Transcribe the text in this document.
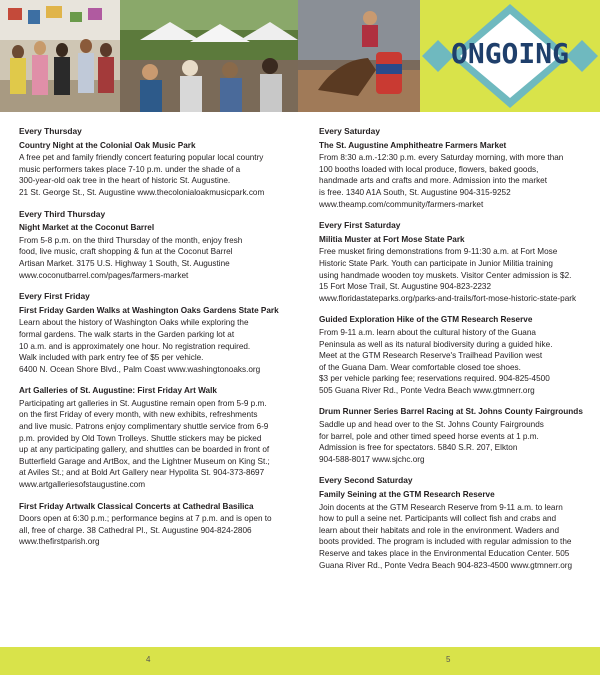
ONGOING
Every Thursday
Country Night at the Colonial Oak Music Park
A free pet and family friendly concert featuring popular local country
music performers takes place 7-10 p.m. under the shade of a
300-year-old oak tree in the heart of historic St. Augustine.
21 St. George St., St. Augustine www.thecolonialoakmusicpark.com
Every Third Thursday
Night Market at the Coconut Barrel
From 5-8 p.m. on the third Thursday of the month, enjoy fresh
food, live music, craft shopping & fun at the Coconut Barrel
Artisan Market. 3175 U.S. Highway 1 South, St. Augustine
www.coconutbarrel.com/pages/farmers-market
Every First Friday
First Friday Garden Walks at Washington Oaks Gardens State Park
Learn about the history of Washington Oaks while exploring the
formal gardens. The walk starts in the Garden parking lot at
10 a.m. and is approximately one hour. No registration required.
Walk included with park entry fee of $5 per vehicle.
6400 N. Ocean Shore Blvd., Palm Coast www.washingtonoaks.org
Art Galleries of St. Augustine: First Friday Art Walk
Participating art galleries in St. Augustine remain open from 5-9 p.m.
on the first Friday of every month, with new exhibits, refreshments
and live music. Patrons enjoy complimentary shuttle service from 6-9
p.m. provided by Old Town Trolleys. Shuttle stickers may be picked
up at any participating gallery, and shuttles can be boarded in front of
Butterfield Garage and ArtBox, and the Lightner Museum on King St.;
at Aviles St.; and at Bold Art Gallery near Hypolita St. 904-373-8697
www.artgalleriesofstaugustine.com
First Friday Artwalk Classical Concerts at Cathedral Basilica
Doors open at 6:30 p.m.; performance begins at 7 p.m. and is open to
all, free of charge. 38 Cathedral Pl., St. Augustine 904-824-2806
www.thefirstparish.org
Every Saturday
The St. Augustine Amphitheatre Farmers Market
From 8:30 a.m.-12:30 p.m. every Saturday morning, with more than
100 booths loaded with local produce, flowers, baked goods,
handmade arts and crafts and more. Admission into the market
is free. 1340 A1A South, St. Augustine 904-315-9252
www.theamp.com/community/farmers-market
Every First Saturday
Militia Muster at Fort Mose State Park
Free musket firing demonstrations from 9-11:30 a.m. at Fort Mose
Historic State Park. Youth can participate in Junior Militia training
using handmade wooden toy muskets. Visitor Center admission is $2.
15 Fort Mose Trail, St. Augustine 904-823-2232
www.floridastateparks.org/parks-and-trails/fort-mose-historic-state-park
Guided Exploration Hike of the GTM Research Reserve
From 9-11 a.m. learn about the cultural history of the Guana
Peninsula as well as its natural biodiversity during a guided hike.
Meet at the GTM Research Reserve's Trailhead Pavilion west
of the Guana Dam. Wear comfortable closed toe shoes.
$3 per vehicle parking fee; reservations required. 904-825-4500
505 Guana River Rd., Ponte Vedra Beach www.gtmnerr.org
Drum Runner Series Barrel Racing at St. Johns County Fairgrounds
Saddle up and head over to the St. Johns County Fairgrounds
for barrel, pole and other timed speed horse events at 1 p.m.
Admission is free for spectators. 5840 S.R. 207, Elkton
904-588-8017 www.sjchc.org
Every Second Saturday
Family Seining at the GTM Research Reserve
Join docents at the GTM Research Reserve from 9-11 a.m. to learn
how to pull a seine net. Participants will collect fish and crabs and
learn about their habitats and role in the environment. Waders and
boots provided. The program is included with regular admission to the
Reserve and takes place in the Environmental Education Center. 505
Guana River Rd., Ponte Vedra Beach 904-823-4500 www.gtmnerr.org
4	5
